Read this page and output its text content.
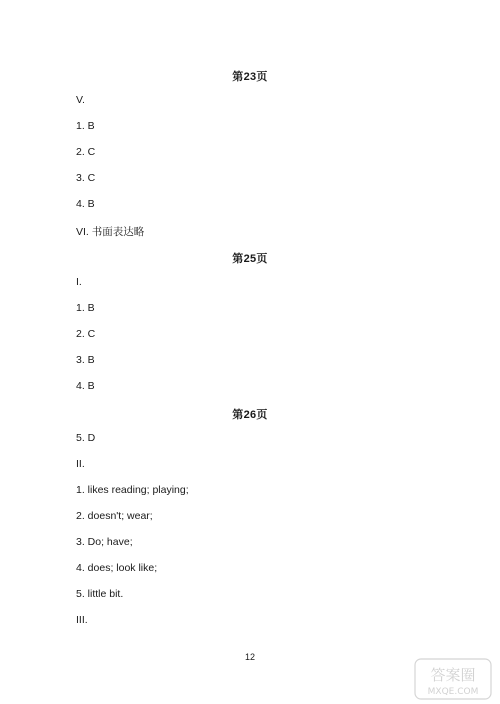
第23页
V.
1. B
2. C
3. C
4. B
VI. 书面表达略
第25页
I.
1. B
2. C
3. B
4. B
第26页
5. D
II.
1. likes reading; playing;
2. doesn't; wear;
3. Do; have;
4. does; look like;
5. little bit.
III.
12
答案圈
MXQE.COM
